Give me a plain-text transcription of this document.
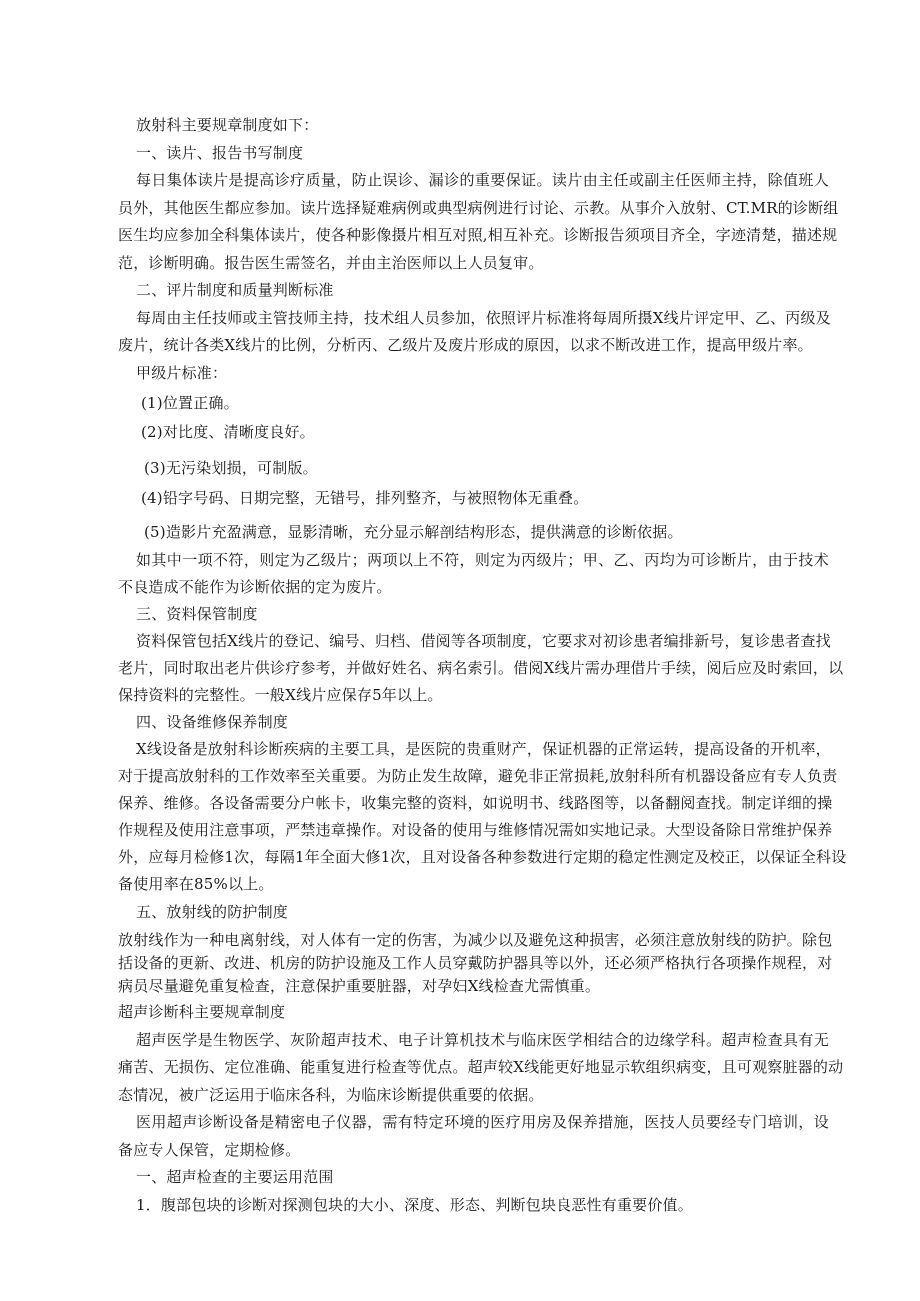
放射科主要规章制度如下：
一、读片、报告书写制度
每日集体读片是提高诊疗质量，防止误诊、漏诊的重要保证。读片由主任或副主任医师主持，除值班人
员外，其他医生都应参加。读片选择疑难病例或典型病例进行讨论、示教。从事介入放射、CT.MR的诊断组
医生均应参加全科集体读片，使各种影像摄片相互对照,相互补充。诊断报告须项目齐全，字迹清楚，描述规
范，诊断明确。报告医生需签名，并由主治医师以上人员复审。
二、评片制度和质量判断标准
每周由主任技师或主管技师主持，技术组人员参加，依照评片标准将每周所摄X线片评定甲、乙、丙级及
废片，统计各类X线片的比例，分析丙、乙级片及废片形成的原因，以求不断改进工作，提高甲级片率。
甲级片标准：
(1)位置正确。
(2)对比度、清晰度良好。
(3)无污染划损，可制版。
(4)铅字号码、日期完整，无错号，排列整齐，与被照物体无重叠。
(5)造影片充盈满意，显影清晰，充分显示解剖结构形态，提供满意的诊断依据。
如其中一项不符，则定为乙级片；两项以上不符，则定为丙级片；甲、乙、丙均为可诊断片，由于技术
不良造成不能作为诊断依据的定为废片。
三、资料保管制度
资料保管包括X线片的登记、编号、归档、借阅等各项制度，它要求对初诊患者编排新号，复诊患者查找
老片，同时取出老片供诊疗参考，并做好姓名、病名索引。借阅X线片需办理借片手续，阅后应及时索回，以
保持资料的完整性。一般X线片应保存5年以上。
四、设备维修保养制度
X线设备是放射科诊断疾病的主要工具，是医院的贵重财产，保证机器的正常运转，提高设备的开机率，
对于提高放射科的工作效率至关重要。为防止发生故障，避免非正常损耗,放射科所有机器设备应有专人负责
保养、维修。各设备需要分户帐卡，收集完整的资料，如说明书、线路图等，以备翻阅查找。制定详细的操
作规程及使用注意事项，严禁违章操作。对设备的使用与维修情况需如实地记录。大型设备除日常维护保养
外，应每月检修1次，每隔1年全面大修1次，且对设备各种参数进行定期的稳定性测定及校正，以保证全科设
备使用率在85%以上。
五、放射线的防护制度
放射线作为一种电离射线，对人体有一定的伤害，为减少以及避免这种损害，必须注意放射线的防护。除包
括设备的更新、改进、机房的防护设施及工作人员穿戴防护器具等以外，还必须严格执行各项操作规程，对
病员尽量避免重复检查，注意保护重要脏器，对孕妇X线检查尤需慎重。
超声诊断科主要规章制度
超声医学是生物医学、灰阶超声技术、电子计算机技术与临床医学相结合的边缘学科。超声检查具有无
痛苦、无损伤、定位准确、能重复进行检查等优点。超声较X线能更好地显示软组织病变，且可观察脏器的动
态情况，被广泛运用于临床各科，为临床诊断提供重要的依据。
医用超声诊断设备是精密电子仪器，需有特定环境的医疗用房及保养措施，医技人员要经专门培训，设
备应专人保管，定期检修。
一、超声检查的主要运用范围
1．腹部包块的诊断对探测包块的大小、深度、形态、判断包块良恶性有重要价值。
